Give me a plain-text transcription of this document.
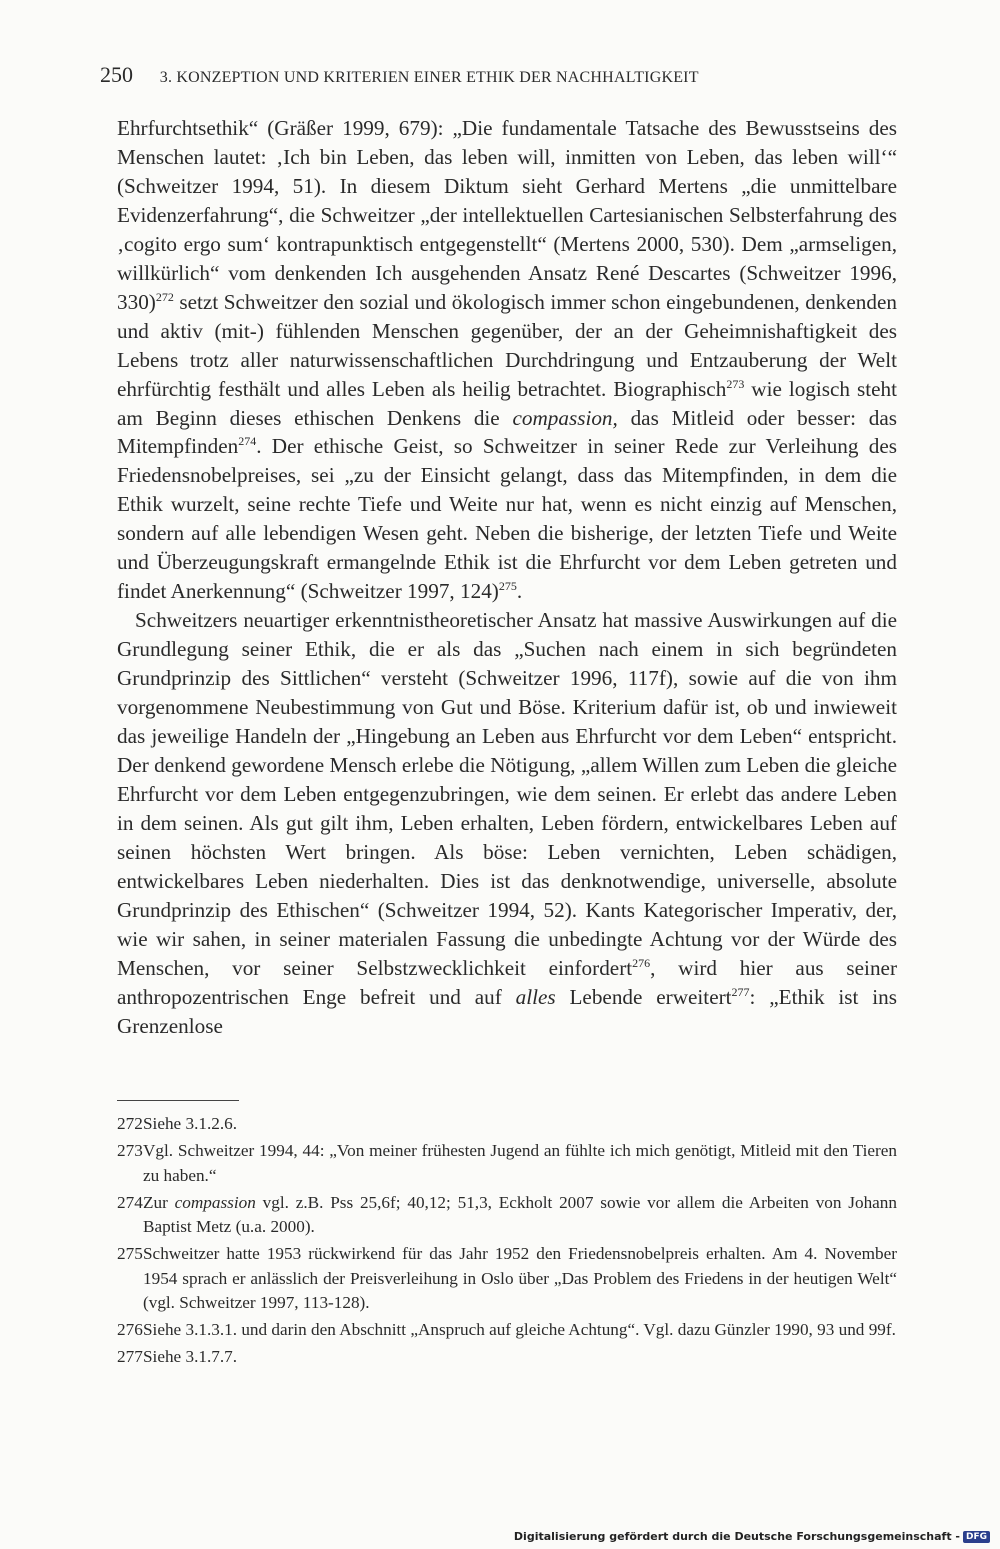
250 3. KONZEPTION UND KRITERIEN EINER ETHIK DER NACHHALTIGKEIT

Ehrfurchtsethik“ (Gräßer 1999, 679): „Die fundamentale Tatsache des Bewusstseins des Menschen lautet: ‚Ich bin Leben, das leben will, inmitten von Leben, das leben will‘“ (Schweitzer 1994, 51). In diesem Diktum sieht Gerhard Mertens „die unmittelbare Evidenzerfahrung“, die Schweitzer „der intellektuellen Cartesianischen Selbsterfahrung des ‚cogito ergo sum‘ kontrapunktisch entgegenstellt“ (Mertens 2000, 530). Dem „armseligen, willkürlich“ vom denkenden Ich ausgehenden Ansatz René Descartes (Schweitzer 1996, 330)$^{272}$ setzt Schweitzer den sozial und ökologisch immer schon eingebundenen, denkenden und aktiv (mit-) fühlenden Menschen gegenüber, der an der Geheimnishaftigkeit des Lebens trotz aller naturwissenschaftlichen Durchdringung und Entzauberung der Welt ehrfürchtig festhält und alles Leben als heilig betrachtet. Biographisch$^{273}$ wie logisch steht am Beginn dieses ethischen Denkens die compassion, das Mitleid oder besser: das Mitempfinden$^{274}$. Der ethische Geist, so Schweitzer in seiner Rede zur Verleihung des Friedensnobelpreises, sei „zu der Einsicht gelangt, dass das Mitempfinden, in dem die Ethik wurzelt, seine rechte Tiefe und Weite nur hat, wenn es nicht einzig auf Menschen, sondern auf alle lebendigen Wesen geht. Neben die bisherige, der letzten Tiefe und Weite und Überzeugungskraft ermangelnde Ethik ist die Ehrfurcht vor dem Leben getreten und findet Anerkennung“ (Schweitzer 1997, 124)$^{275}$.

Schweitzers neuartiger erkenntnistheoretischer Ansatz hat massive Auswirkungen auf die Grundlegung seiner Ethik, die er als das „Suchen nach einem in sich begründeten Grundprinzip des Sittlichen“ versteht (Schweitzer 1996, 117f), sowie auf die von ihm vorgenommene Neubestimmung von Gut und Böse. Kriterium dafür ist, ob und inwieweit das jeweilige Handeln der „Hingebung an Leben aus Ehrfurcht vor dem Leben“ entspricht. Der denkend gewordene Mensch erlebe die Nötigung, „allem Willen zum Leben die gleiche Ehrfurcht vor dem Leben entgegenzubringen, wie dem seinen. Er erlebt das andere Leben in dem seinen. Als gut gilt ihm, Leben erhalten, Leben fördern, entwickelbares Leben auf seinen höchsten Wert bringen. Als böse: Leben vernichten, Leben schädigen, entwickelbares Leben niederhalten. Dies ist das denknotwendige, universelle, absolute Grundprinzip des Ethischen“ (Schweitzer 1994, 52). Kants Kategorischer Imperativ, der, wie wir sahen, in seiner materialen Fassung die unbedingte Achtung vor der Würde des Menschen, vor seiner Selbstzwecklichkeit einfordert$^{276}$, wird hier aus seiner anthropozentrischen Enge befreit und auf alles Lebende erweitert$^{277}$: „Ethik ist ins Grenzenlose

272 Siehe 3.1.2.6.
273 Vgl. Schweitzer 1994, 44: „Von meiner frühesten Jugend an fühlte ich mich genötigt, Mitleid mit den Tieren zu haben.“
274 Zur compassion vgl. z.B. Pss 25,6f; 40,12; 51,3, Eckholt 2007 sowie vor allem die Arbeiten von Johann Baptist Metz (u.a. 2000).
275 Schweitzer hatte 1953 rückwirkend für das Jahr 1952 den Friedensnobelpreis erhalten. Am 4. November 1954 sprach er anlässlich der Preisverleihung in Oslo über „Das Problem des Friedens in der heutigen Welt“ (vgl. Schweitzer 1997, 113-128).
276 Siehe 3.1.3.1. und darin den Abschnitt „Anspruch auf gleiche Achtung“. Vgl. dazu Günzler 1990, 93 und 99f.
277 Siehe 3.1.7.7.
Digitalisierung gefördert durch die Deutsche Forschungsgemeinschaft - DFG
